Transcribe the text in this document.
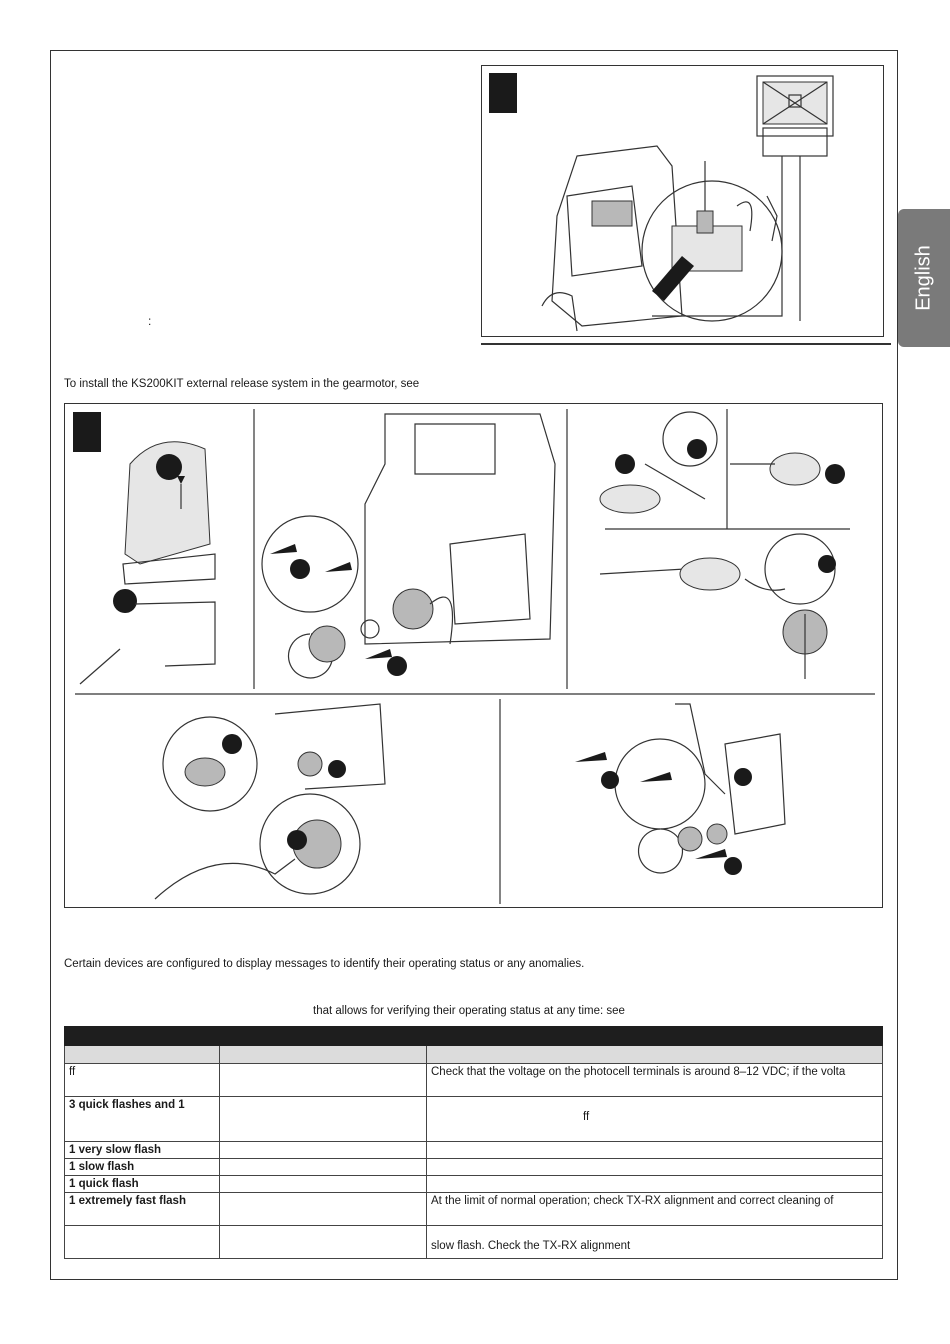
English
:
To install the KS200KIT external release system in the gearmotor, see
Certain devices are configured to display messages to identify their operating status or any anomalies.
that allows for verifying their operating status at any time: see

ff		Check that the voltage on the photocell terminals is around 8–12 VDC; if the volta

3 quick flashes and 1		ff

1 very slow flash		
1 slow flash		
1 quick flash		
1 extremely fast flash		At the limit of normal operation; check TX-RX alignment and correct cleaning of

		slow flash. Check the TX-RX alignment
